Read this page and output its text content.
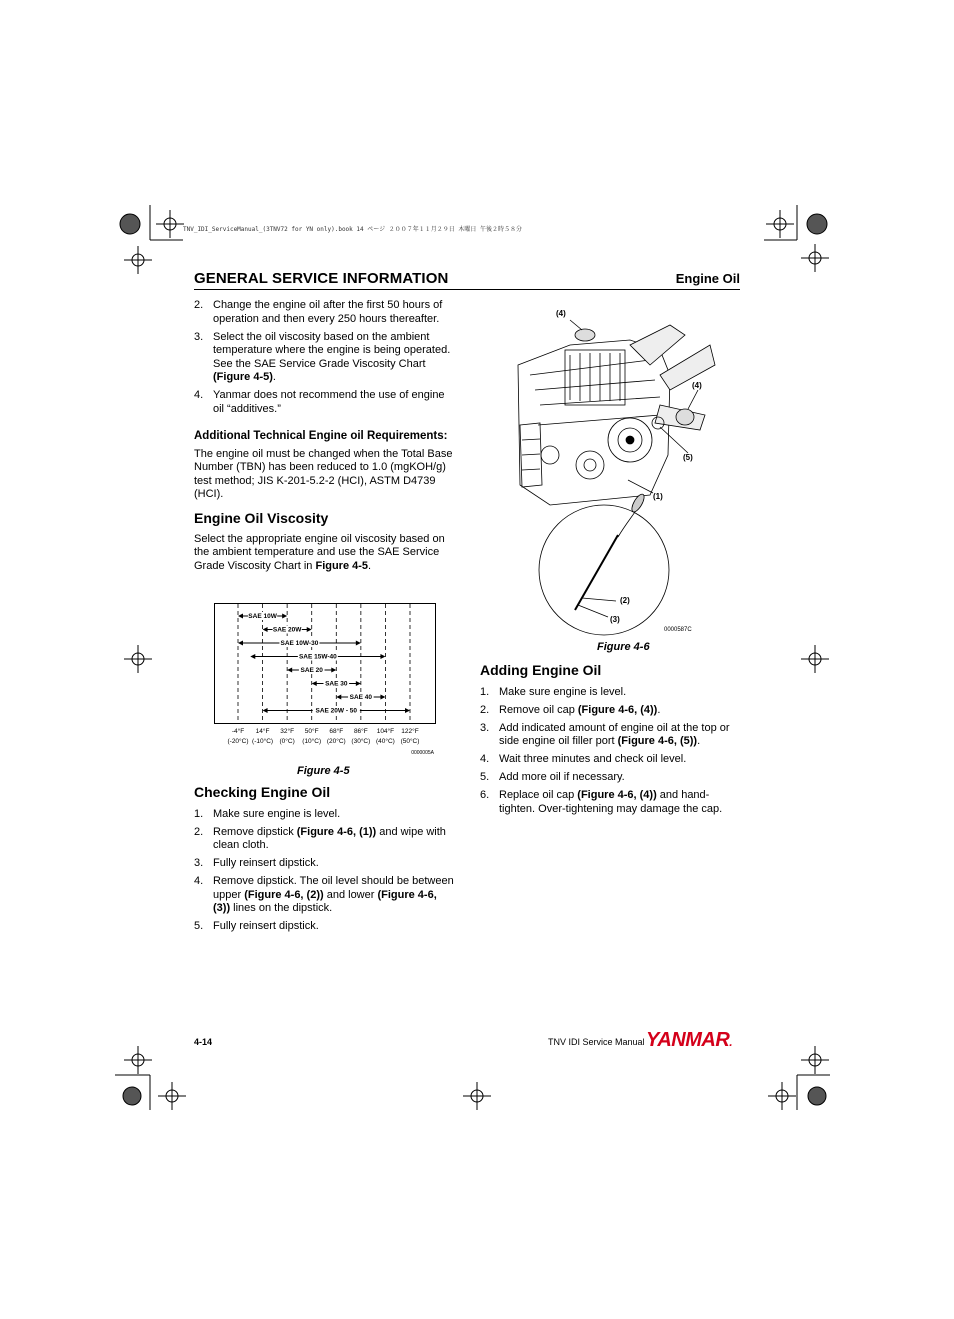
TNV_IDI_ServiceManual_(3TNV72 for YN only).book 14 ページ ２００７年１１月２９日 木曜日 午後２時５８分
GENERAL SERVICE INFORMATION	Engine Oil
2. Change the engine oil after the first 50 hours of operation and then every 250 hours thereafter.
3. Select the oil viscosity based on the ambient temperature where the engine is being operated. See the SAE Service Grade Viscosity Chart (Figure 4-5).
4. Yanmar does not recommend the use of engine oil “additives.”
Additional Technical Engine oil Requirements:

The engine oil must be changed when the Total Base Number (TBN) has been reduced to 1.0 (mgKOH/g) test method; JIS K-201-5.2-2 (HCI), ASTM D4739 (HCI).

Engine Oil Viscosity

Select the appropriate engine oil viscosity based on the ambient temperature and use the SAE Service Grade Viscosity Chart in Figure 4-5.

SAE 10W
SAE 20W
SAE 10W-30
SAE 15W-40
SAE 20
SAE 30
SAE 40
SAE 20W - 50
-4°F
(-20°C)
14°F
(-10°C)
32°F
(0°C)
50°F
(10°C)
68°F
(20°C)
86°F
(30°C)
104°F
(40°C)
122°F
(50°C)
0000005A
Figure 4-5
Checking Engine Oil
1. Make sure engine is level.
2. Remove dipstick (Figure 4-6, (1)) and wipe with clean cloth.
3. Fully reinsert dipstick.
4. Remove dipstick. The oil level should be between upper (Figure 4-6, (2)) and lower (Figure 4-6, (3)) lines on the dipstick.
5. Fully reinsert dipstick.
(4)
(4)
(5)
(1)
(2)
(3)
0000587C
Figure 4-6
Adding Engine Oil
1. Make sure engine is level.
2. Remove oil cap (Figure 4-6, (4)).
3. Add indicated amount of engine oil at the top or side engine oil filler port (Figure 4-6, (5)).
4. Wait three minutes and check oil level.
5. Add more oil if necessary.
6. Replace oil cap (Figure 4-6, (4)) and hand-tighten. Over-tightening may damage the cap.
4-14	TNV IDI Service Manual YANMAR.
